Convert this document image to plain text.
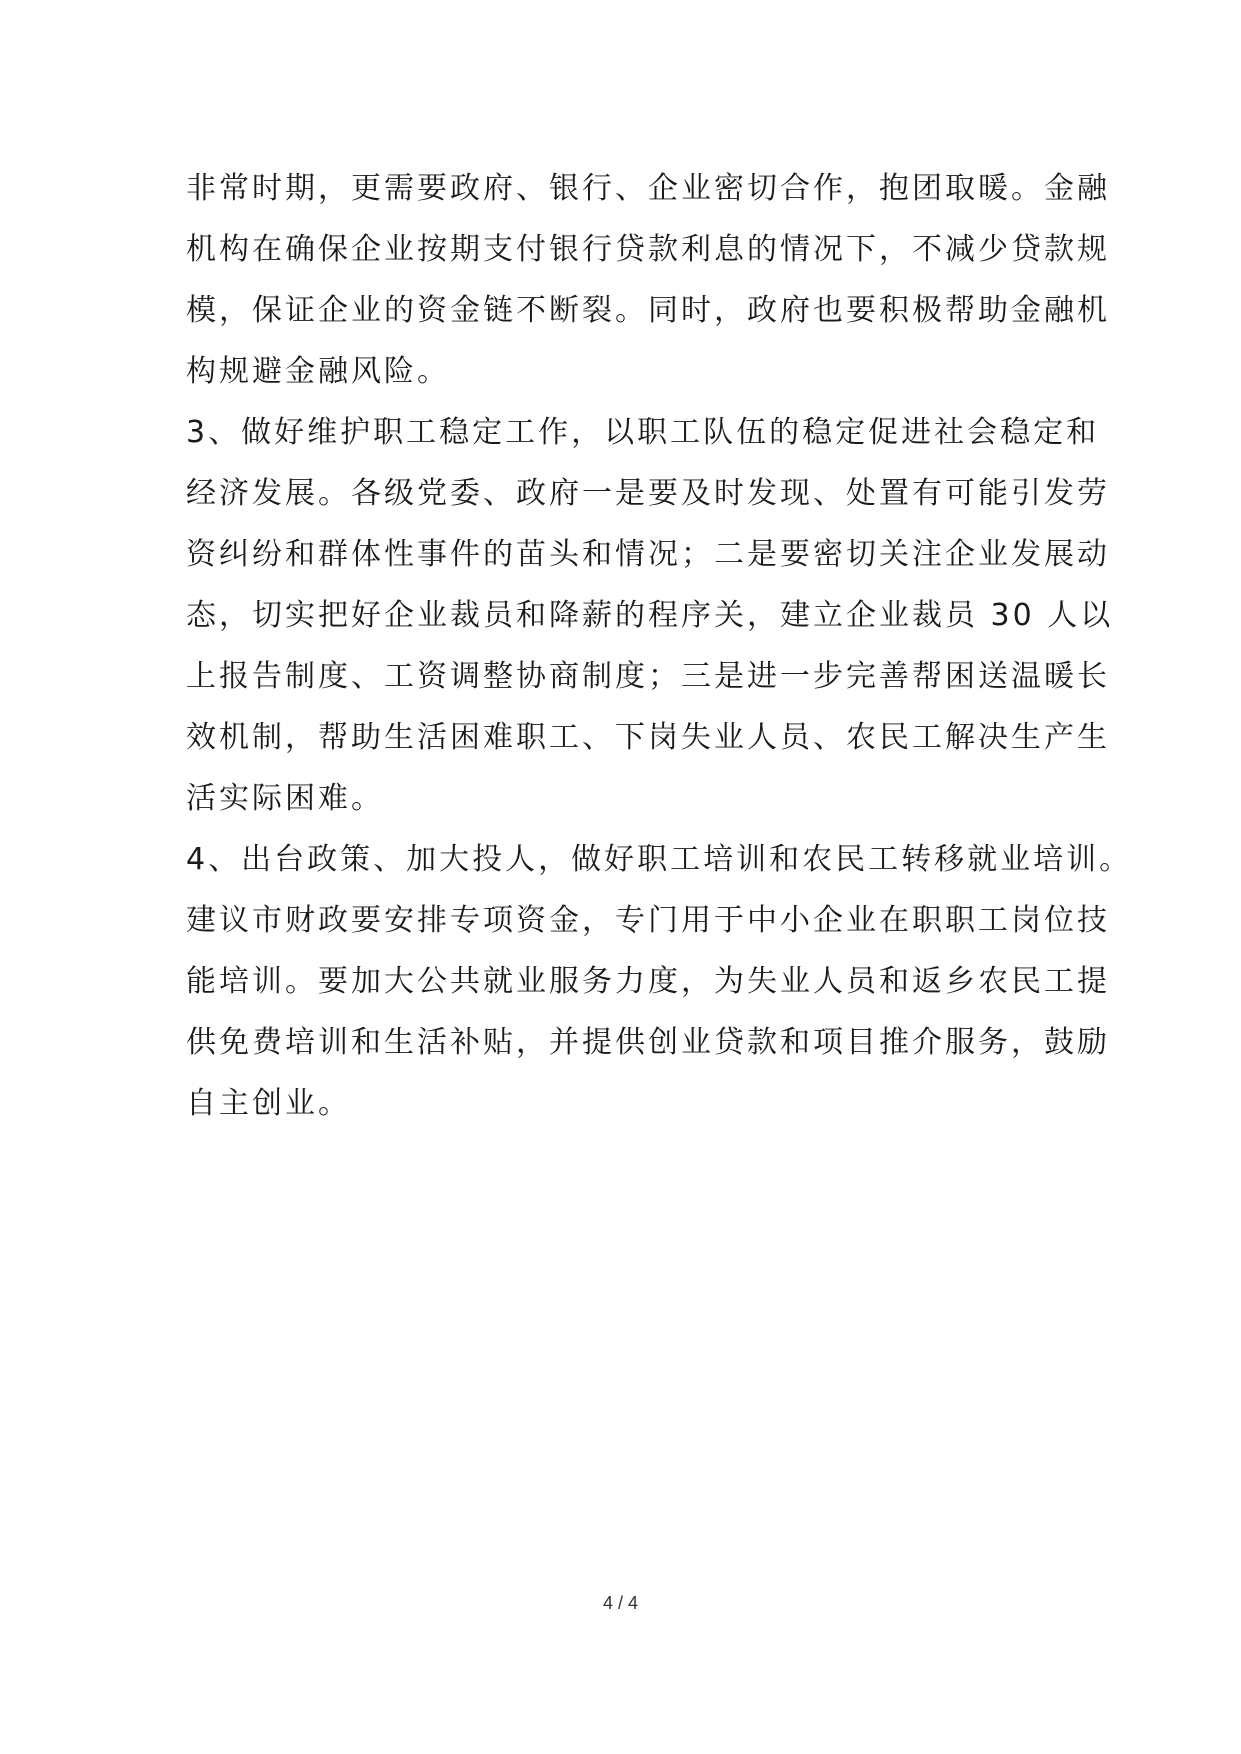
非常时期，更需要政府、银行、企业密切合作，抱团取暖。金融
机构在确保企业按期支付银行贷款利息的情况下，不减少贷款规
模，保证企业的资金链不断裂。同时，政府也要积极帮助金融机
构规避金融风险。
3、做好维护职工稳定工作，以职工队伍的稳定促进社会稳定和
经济发展。各级党委、政府一是要及时发现、处置有可能引发劳
资纠纷和群体性事件的苗头和情况；二是要密切关注企业发展动
态，切实把好企业裁员和降薪的程序关，建立企业裁员 30 人以
上报告制度、工资调整协商制度；三是进一步完善帮困送温暖长
效机制，帮助生活困难职工、下岗失业人员、农民工解决生产生
活实际困难。
4、出台政策、加大投人，做好职工培训和农民工转移就业培训。
建议市财政要安排专项资金，专门用于中小企业在职职工岗位技
能培训。要加大公共就业服务力度，为失业人员和返乡农民工提
供免费培训和生活补贴，并提供创业贷款和项目推介服务，鼓励
自主创业。
4 / 4
